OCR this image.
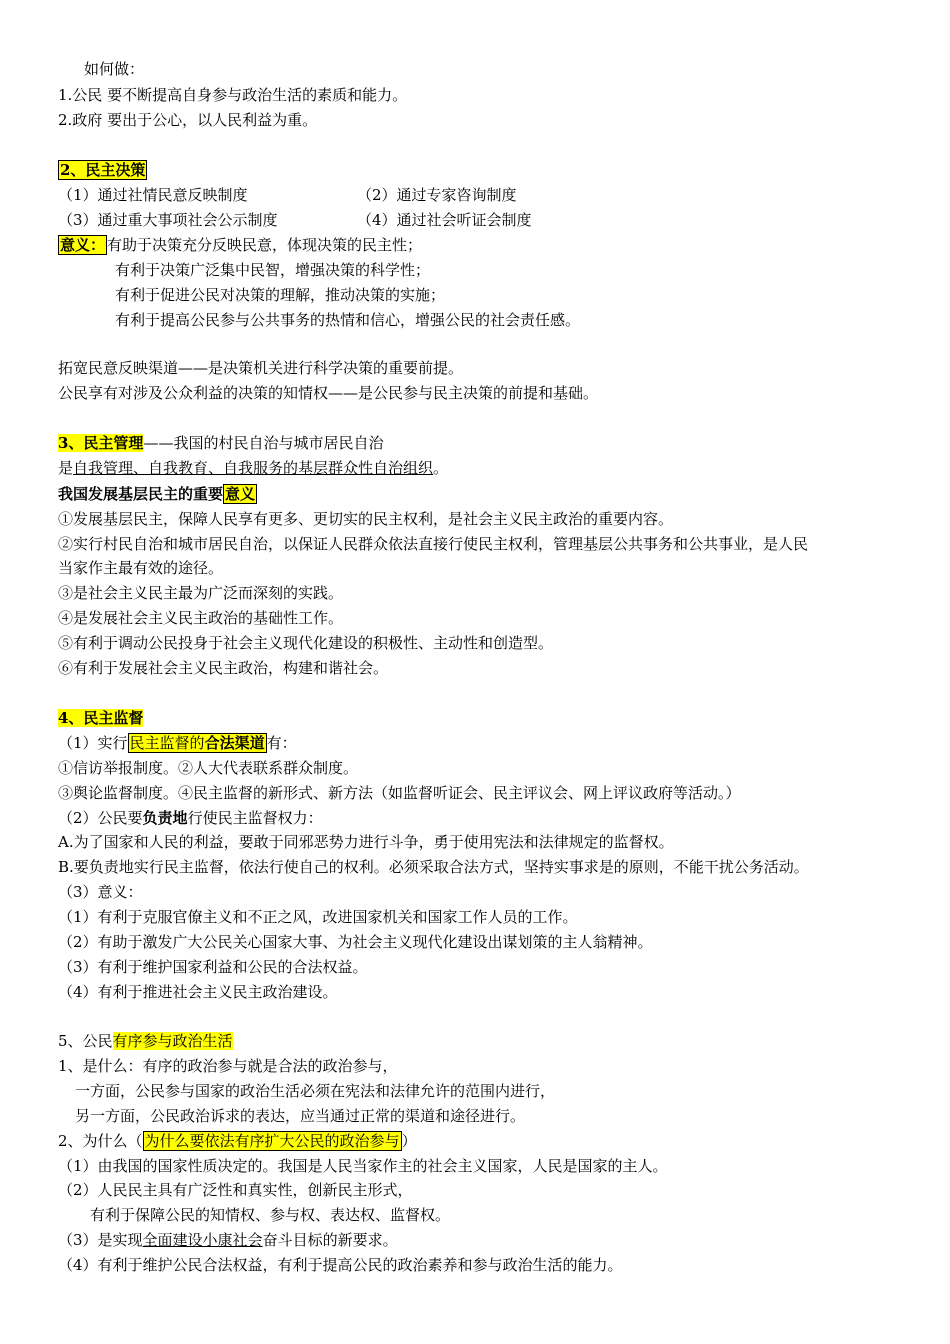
如何做：
1.公民 要不断提高自身参与政治生活的素质和能力。
2.政府 要出于公心，以人民利益为重。
2、民主决策
（1）通过社情民意反映制度	（2）通过专家咨询制度
（3）通过重大事项社会公示制度	（4）通过社会听证会制度
意义： 有助于决策充分反映民意，体现决策的民主性；
有利于决策广泛集中民智，增强决策的科学性；
有利于促进公民对决策的理解，推动决策的实施；
有利于提高公民参与公共事务的热情和信心，增强公民的社会责任感。
拓宽民意反映渠道——是决策机关进行科学决策的重要前提。
公民享有对涉及公众利益的决策的知情权——是公民参与民主决策的前提和基础。
3、民主管理——我国的村民自治与城市居民自治
是自我管理、自我教育、自我服务的基层群众性自治组织。
我国发展基层民主的重要 意义
①发展基层民主，保障人民享有更多、更切实的民主权利，是社会主义民主政治的重要内容。
②实行村民自治和城市居民自治，以保证人民群众依法直接行使民主权利，管理基层公共事务和公共事业，是人民
当家作主最有效的途径。
③是社会主义民主最为广泛而深刻的实践。
④是发展社会主义民主政治的基础性工作。
⑤有利于调动公民投身于社会主义现代化建设的积极性、主动性和创造型。
⑥有利于发展社会主义民主政治，构建和谐社会。
4、民主监督
（1）实行 民主监督的合法渠道 有：
①信访举报制度。②人大代表联系群众制度。
③舆论监督制度。④民主监督的新形式、新方法（如监督听证会、民主评议会、网上评议政府等活动。）
（2）公民要负责地行使民主监督权力：
A.为了国家和人民的利益，要敢于同邪恶势力进行斗争，勇于使用宪法和法律规定的监督权。
B.要负责地实行民主监督，依法行使自己的权利。必须采取合法方式，坚持实事求是的原则，不能干扰公务活动。
（3）意义：
（1）有利于克服官僚主义和不正之风，改进国家机关和国家工作人员的工作。
（2）有助于激发广大公民关心国家大事、为社会主义现代化建设出谋划策的主人翁精神。
（3）有利于维护国家利益和公民的合法权益。
（4）有利于推进社会主义民主政治建设。
5、公民有序参与政治生活
1、是什么：有序的政治参与就是合法的政治参与，
一方面，公民参与国家的政治生活必须在宪法和法律允许的范围内进行，
另一方面，公民政治诉求的表达，应当通过正常的渠道和途径进行。
2、为什么（ 为什么要依法有序扩大公民的政治参与 ）
（1）由我国的国家性质决定的。我国是人民当家作主的社会主义国家，人民是国家的主人。
（2）人民民主具有广泛性和真实性，创新民主形式，
有利于保障公民的知情权、参与权、表达权、监督权。
（3）是实现全面建设小康社会奋斗目标的新要求。
（4）有利于维护公民合法权益，有利于提高公民的政治素养和参与政治生活的能力。
